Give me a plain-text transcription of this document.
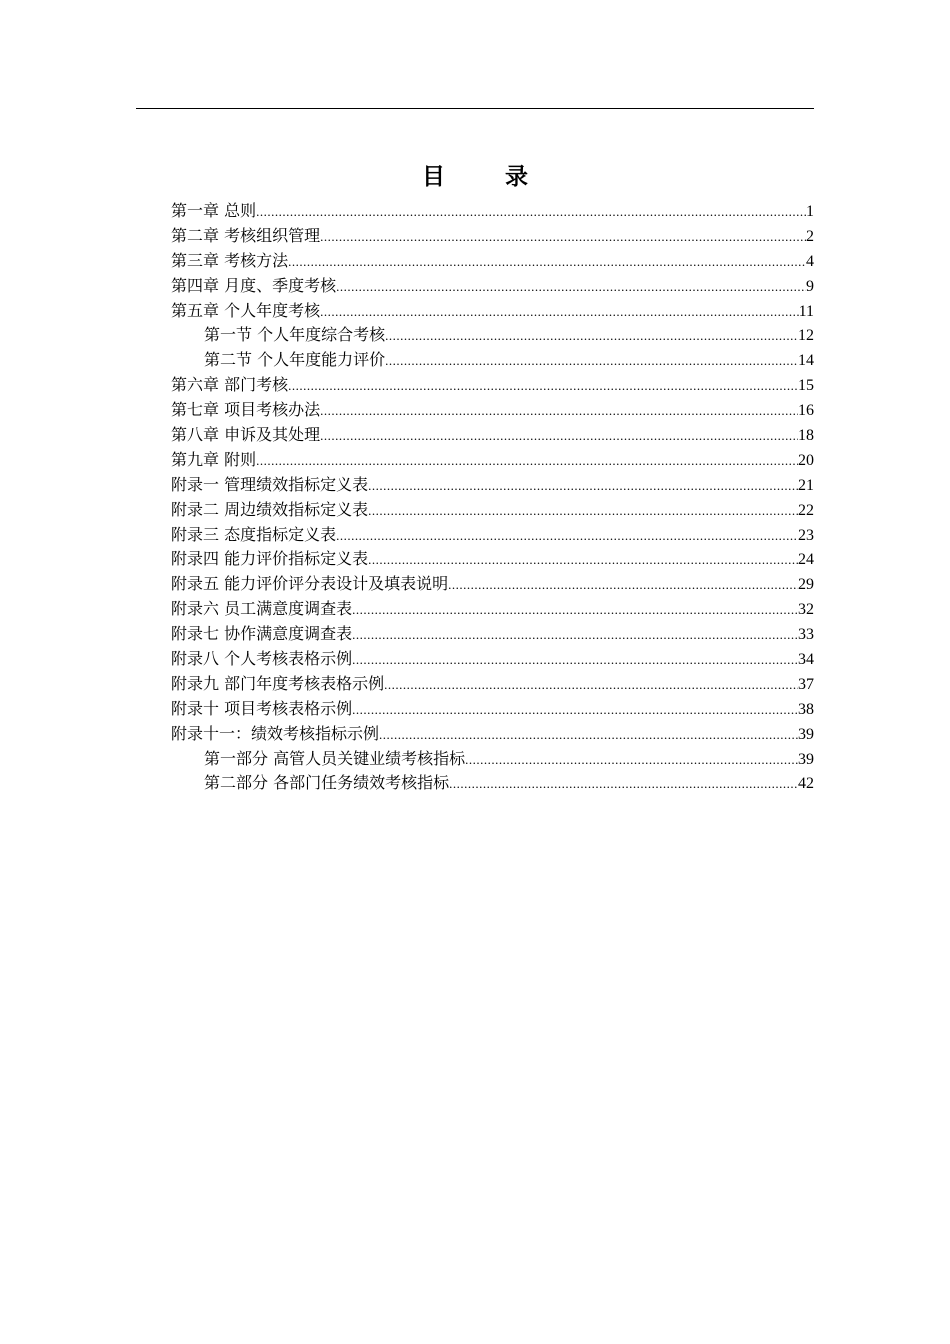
目 录
第一章 总则 .....	1
第二章 考核组织管理 .....	2
第三章 考核方法 .....	4
第四章 月度、季度考核 .....	9
第五章 个人年度考核 .....	11
第一节 个人年度综合考核 .....	12
第二节 个人年度能力评价 .....	14
第六章 部门考核 .....	15
第七章 项目考核办法 .....	16
第八章 申诉及其处理 .....	18
第九章 附则 .....	20
附录一 管理绩效指标定义表 .....	21
附录二 周边绩效指标定义表 .....	22
附录三 态度指标定义表 .....	23
附录四 能力评价指标定义表 .....	24
附录五 能力评价评分表设计及填表说明 .....	29
附录六 员工满意度调查表 .....	32
附录七 协作满意度调查表 .....	33
附录八 个人考核表格示例 .....	34
附录九 部门年度考核表格示例 .....	37
附录十 项目考核表格示例 .....	38
附录十一：绩效考核指标示例 .....	39
第一部分 高管人员关键业绩考核指标 .....	39
第二部分 各部门任务绩效考核指标 .....	42
